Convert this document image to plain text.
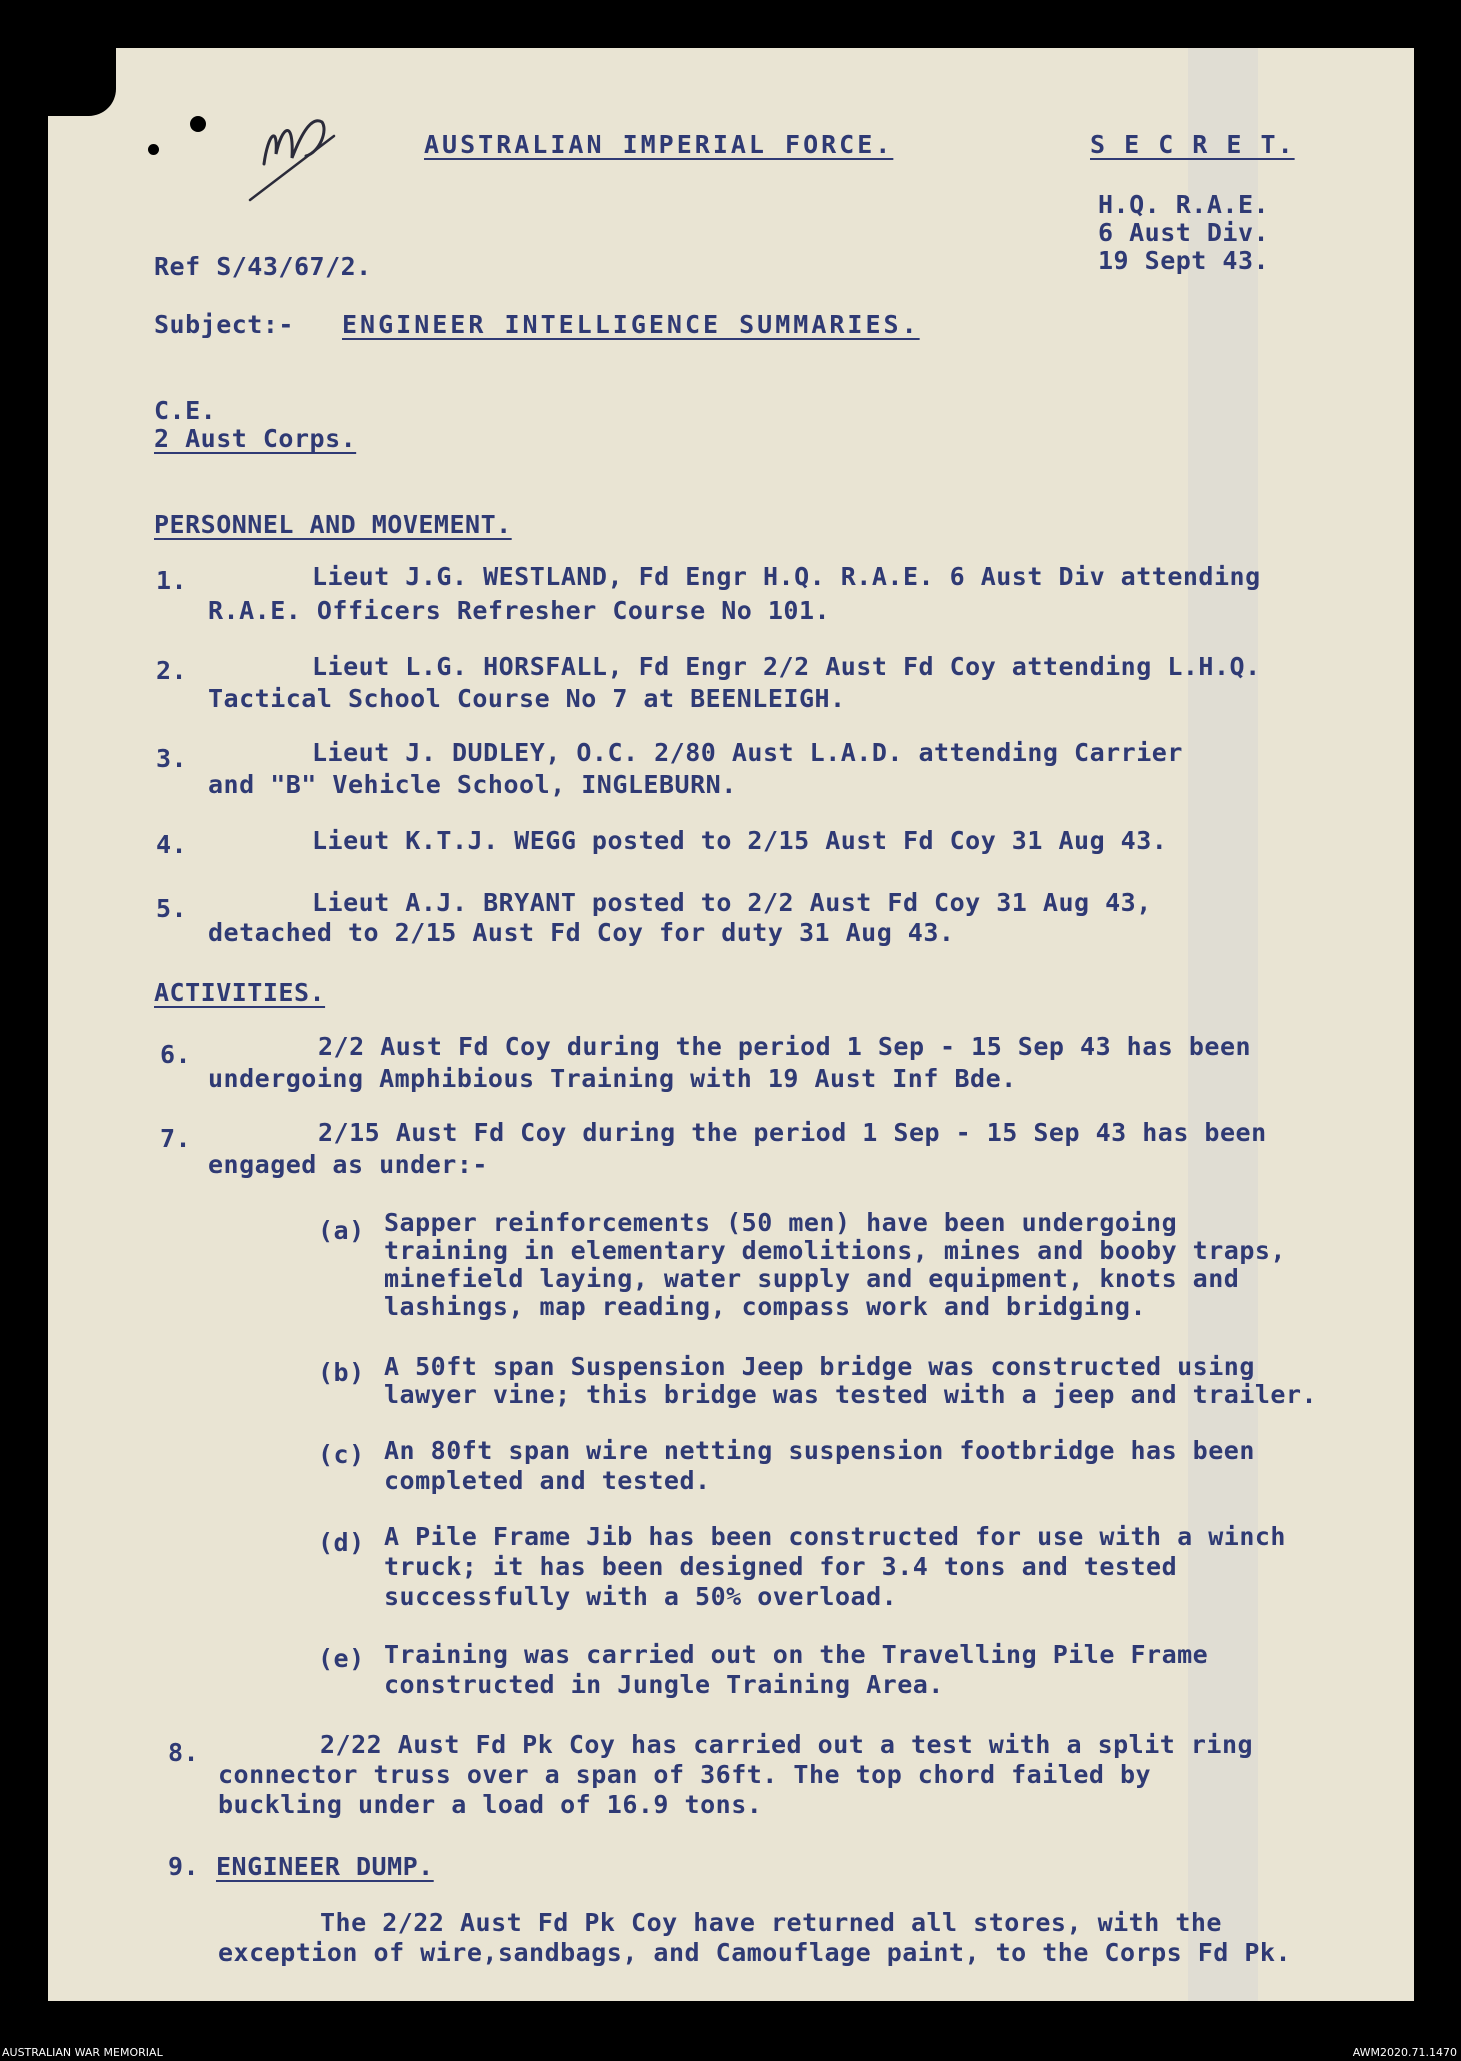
AUSTRALIAN IMPERIAL FORCE.	S E C R E T.
H.Q. R.A.E.
6 Aust Div.
19 Sept 43.
Ref S/43/67/2.
Subject:- ENGINEER INTELLIGENCE SUMMARIES.
C.E.
2 Aust Corps.
PERSONNEL AND MOVEMENT.
1.	Lieut J.G. WESTLAND, Fd Engr H.Q. R.A.E. 6 Aust Div attending
R.A.E. Officers Refresher Course No 101.
2.	Lieut L.G. HORSFALL, Fd Engr 2/2 Aust Fd Coy attending L.H.Q.
Tactical School Course No 7 at BEENLEIGH.
3.	Lieut J. DUDLEY, O.C. 2/80 Aust L.A.D. attending Carrier
and "B" Vehicle School, INGLEBURN.
4.	Lieut K.T.J. WEGG posted to 2/15 Aust Fd Coy 31 Aug 43.
5.	Lieut A.J. BRYANT posted to 2/2 Aust Fd Coy 31 Aug 43,
detached to 2/15 Aust Fd Coy for duty 31 Aug 43.
ACTIVITIES.
6.	2/2 Aust Fd Coy during the period 1 Sep - 15 Sep 43 has been
undergoing Amphibious Training with 19 Aust Inf Bde.
7.	2/15 Aust Fd Coy during the period 1 Sep - 15 Sep 43 has been
engaged as under:-
(a) Sapper reinforcements (50 men) have been undergoing
training in elementary demolitions, mines and booby traps,
minefield laying, water supply and equipment, knots and
lashings, map reading, compass work and bridging.
(b) A 50ft span Suspension Jeep bridge was constructed using
lawyer vine; this bridge was tested with a jeep and trailer.
(c) An 80ft span wire netting suspension footbridge has been
completed and tested.
(d) A Pile Frame Jib has been constructed for use with a winch
truck; it has been designed for 3.4 tons and tested
successfully with a 50% overload.
(e) Training was carried out on the Travelling Pile Frame
constructed in Jungle Training Area.
8.	2/22 Aust Fd Pk Coy has carried out a test with a split ring
connector truss over a span of 36ft. The top chord failed by
buckling under a load of 16.9 tons.
9. ENGINEER DUMP.
The 2/22 Aust Fd Pk Coy have returned all stores, with the
exception of wire,sandbags, and Camouflage paint, to the Corps Fd Pk.
AUSTRALIAN WAR MEMORIAL	AWM2020.71.1470
